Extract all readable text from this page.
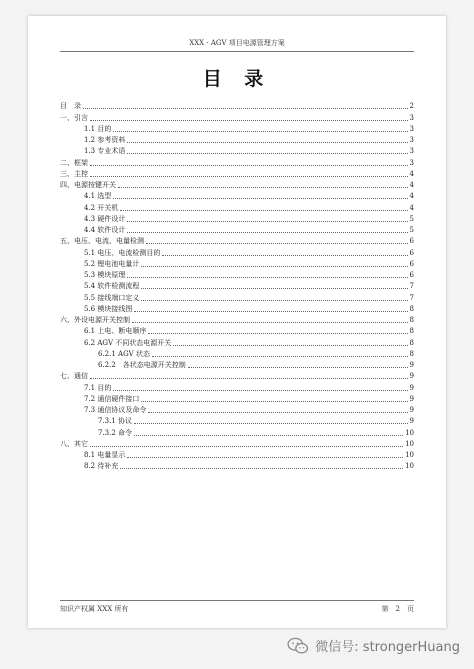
XXX · AGV 项目电源管理方案
目 录
目　录	2
一、引言	3
1.1 目的	3
1.2 参考资料	3
1.3 专业术语	3
二、框架	3
三、主控	4
四、电源按键开关	4
4.1 选型	4
4.2 开关机	4
4.3 硬件设计	5
4.4 软件设计	5
五、电压、电流、电量检测	6
5.1 电压、电流检测目的	6
5.2 锂电池电量计	6
5.3 模块原理	6
5.4 软件检测流程	7
5.5 接线端口定义	7
5.6 模块接线图	8
六、外设电源开关控制	8
6.1 上电、断电顺序	8
6.2 AGV 不同状态电源开关	8
6.2.1 AGV 状态	8
6.2.2　各状态电源开关控制	9
七、通信	9
7.1 目的	9
7.2 通信硬件接口	9
7.3 通信协议及命令	9
7.3.1 协议	9
7.3.2 命令	10
八、其它	10
8.1 电量显示	10
8.2 待补充	10
知识产权属 XXX 所有	第　2　页
微信号: strongerHuang
